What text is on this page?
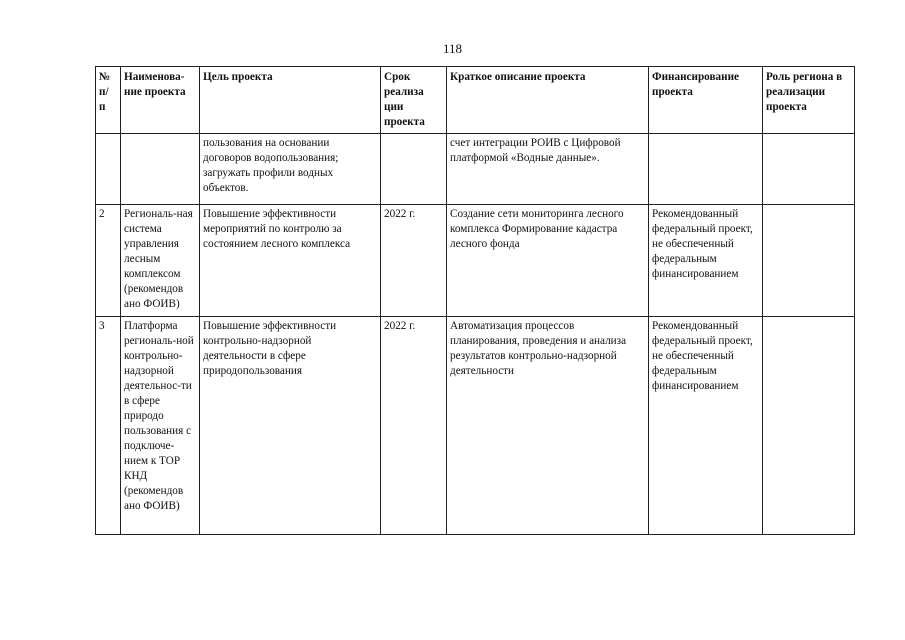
118
№ п/ п	Наименова-ние проекта	Цель проекта	Срок реализа ции проекта	Краткое описание проекта	Финансирование проекта	Роль региона в реализации проекта
		пользования на основании договоров водопользования; загружать профили водных объектов.		счет интеграции РОИВ с Цифровой платформой «Водные данные».		
2	Региональ-ная система управления лесным комплексом (рекомендов ано ФОИВ)	Повышение эффективности мероприятий по контролю за состоянием лесного комплекса	2022 г.	Создание сети мониторинга лесного комплекса Формирование кадастра лесного фонда	Рекомендованный федеральный проект, не обеспеченный федеральным финансированием	
3	Платформа региональ-ной контрольно-надзорной деятельнос-ти в сфере природо пользования с подключе-нием к ТОР КНД (рекомендов ано ФОИВ)	Повышение эффективности контрольно-надзорной деятельности в сфере природопользования	2022 г.	Автоматизация процессов планирования, проведения и анализа результатов контрольно-надзорной деятельности	Рекомендованный федеральный проект, не обеспеченный федеральным финансированием	
